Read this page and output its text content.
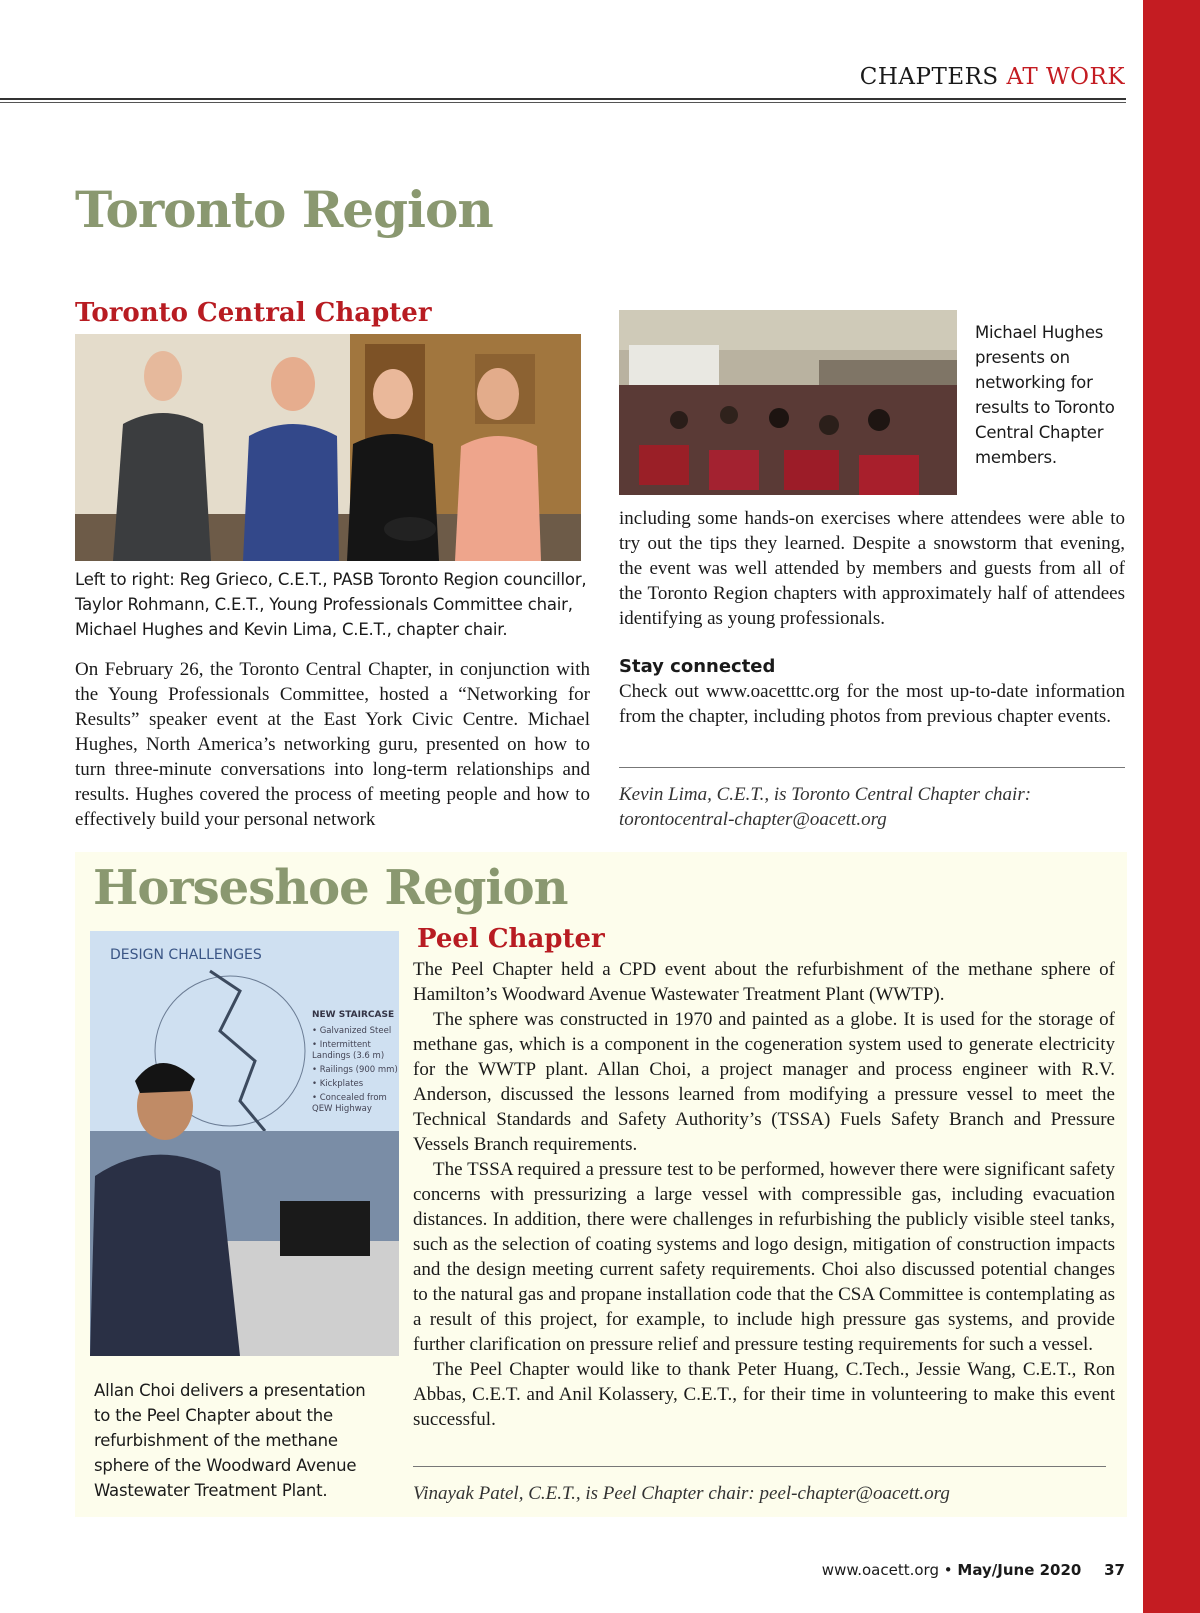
CHAPTERS AT WORK
Toronto Region
Toronto Central Chapter
Left to right: Reg Grieco, C.E.T., PASB Toronto Region councillor,
Taylor Rohmann, C.E.T., Young Professionals Committee chair,
Michael Hughes and Kevin Lima, C.E.T., chapter chair.

On February 26, the Toronto Central Chapter, in conjunction with the Young Professionals Committee, hosted a “Networking for Results” speaker event at the East York Civic Centre. Michael Hughes, North America’s networking guru, presented on how to turn three-minute conversations into long-term relationships and results. Hughes covered the process of meeting people and how to effectively build your personal network

Michael Hughes
presents on
networking for
results to Toronto
Central Chapter
members.

including some hands-on exercises where attendees were able to try out the tips they learned. Despite a snowstorm that evening, the event was well attended by members and guests from all of the Toronto Region chapters with approximately half of attendees identifying as young professionals.

Stay connected

Check out www.oacetttc.org for the most up-to-date information from the chapter, including photos from previous chapter events.

Kevin Lima, C.E.T., is Toronto Central Chapter chair: torontocentral-chapter@oacett.org
Horseshoe Region
DESIGN CHALLENGES
NEW STAIRCASE
• Galvanized Steel
• Intermittent
Landings (3.6 m)
• Railings (900 mm)
• Kickplates
• Concealed from
QEW Highway
Allan Choi delivers a presentation
to the Peel Chapter about the
refurbishment of the methane
sphere of the Woodward Avenue
Wastewater Treatment Plant.
Peel Chapter

The Peel Chapter held a CPD event about the refurbishment of the methane sphere of Hamilton’s Woodward Avenue Wastewater Treatment Plant (WWTP).

The sphere was constructed in 1970 and painted as a globe. It is used for the storage of methane gas, which is a component in the cogeneration system used to generate electricity for the WWTP plant. Allan Choi, a project manager and process engineer with R.V. Anderson, discussed the lessons learned from modifying a pressure vessel to meet the Technical Standards and Safety Authority’s (TSSA) Fuels Safety Branch and Pressure Vessels Branch requirements.

The TSSA required a pressure test to be performed, however there were significant safety concerns with pressurizing a large vessel with compressible gas, including evacuation distances. In addition, there were challenges in refurbishing the publicly visible steel tanks, such as the selection of coating systems and logo design, mitigation of construction impacts and the design meeting current safety requirements. Choi also discussed potential changes to the natural gas and propane installation code that the CSA Committee is contemplating as a result of this project, for example, to include high pressure gas systems, and provide further clarification on pressure relief and pressure testing requirements for such a vessel.

The Peel Chapter would like to thank Peter Huang, C.Tech., Jessie Wang, C.E.T., Ron Abbas, C.E.T. and Anil Kolassery, C.E.T., for their time in volunteering to make this event successful.

Vinayak Patel, C.E.T., is Peel Chapter chair: peel-chapter@oacett.org
www.oacett.org • May/June 2020 37
